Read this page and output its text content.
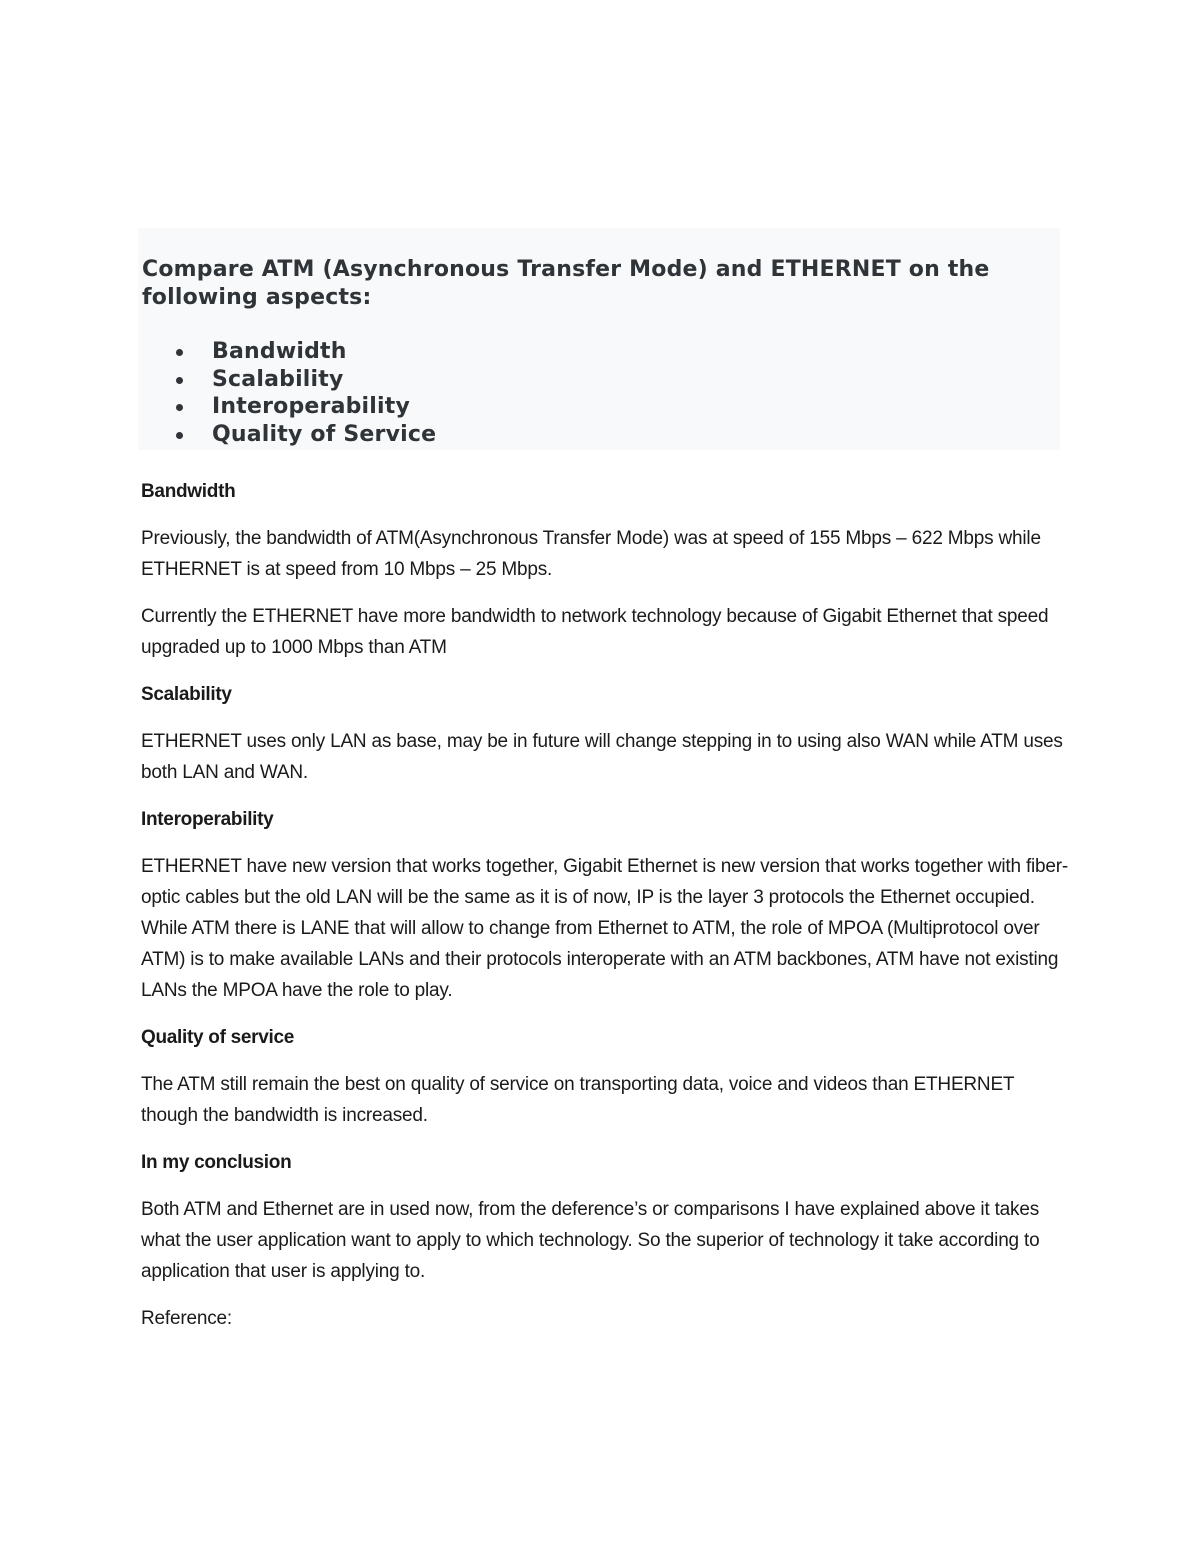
Compare ATM (Asynchronous Transfer Mode) and ETHERNET on the following aspects:
Bandwidth
Scalability
Interoperability
Quality of Service
Bandwidth

Previously, the bandwidth of ATM(Asynchronous Transfer Mode) was at speed of 155 Mbps – 622 Mbps while ETHERNET is at speed from 10 Mbps – 25 Mbps.

Currently the ETHERNET have more bandwidth to network technology because of Gigabit Ethernet that speed upgraded up to 1000 Mbps than ATM

Scalability

ETHERNET uses only LAN as base, may be in future will change stepping in to using also WAN while ATM uses both LAN and WAN.

Interoperability

ETHERNET have new version that works together, Gigabit Ethernet is new version that works together with fiber- optic cables but the old LAN will be the same as it is of now, IP is the layer 3 protocols the Ethernet occupied. While ATM there is LANE that will allow to change from Ethernet to ATM, the role of MPOA (Multiprotocol over ATM) is to make available LANs and their protocols interoperate with an ATM backbones, ATM have not existing LANs the MPOA have the role to play.

Quality of service

The ATM still remain the best on quality of service on transporting data, voice and videos than ETHERNET though the bandwidth is increased.

In my conclusion

Both ATM and Ethernet are in used now, from the deference’s or comparisons I have explained above it takes what the user application want to apply to which technology. So the superior of technology it take according to application that user is applying to.

Reference:
